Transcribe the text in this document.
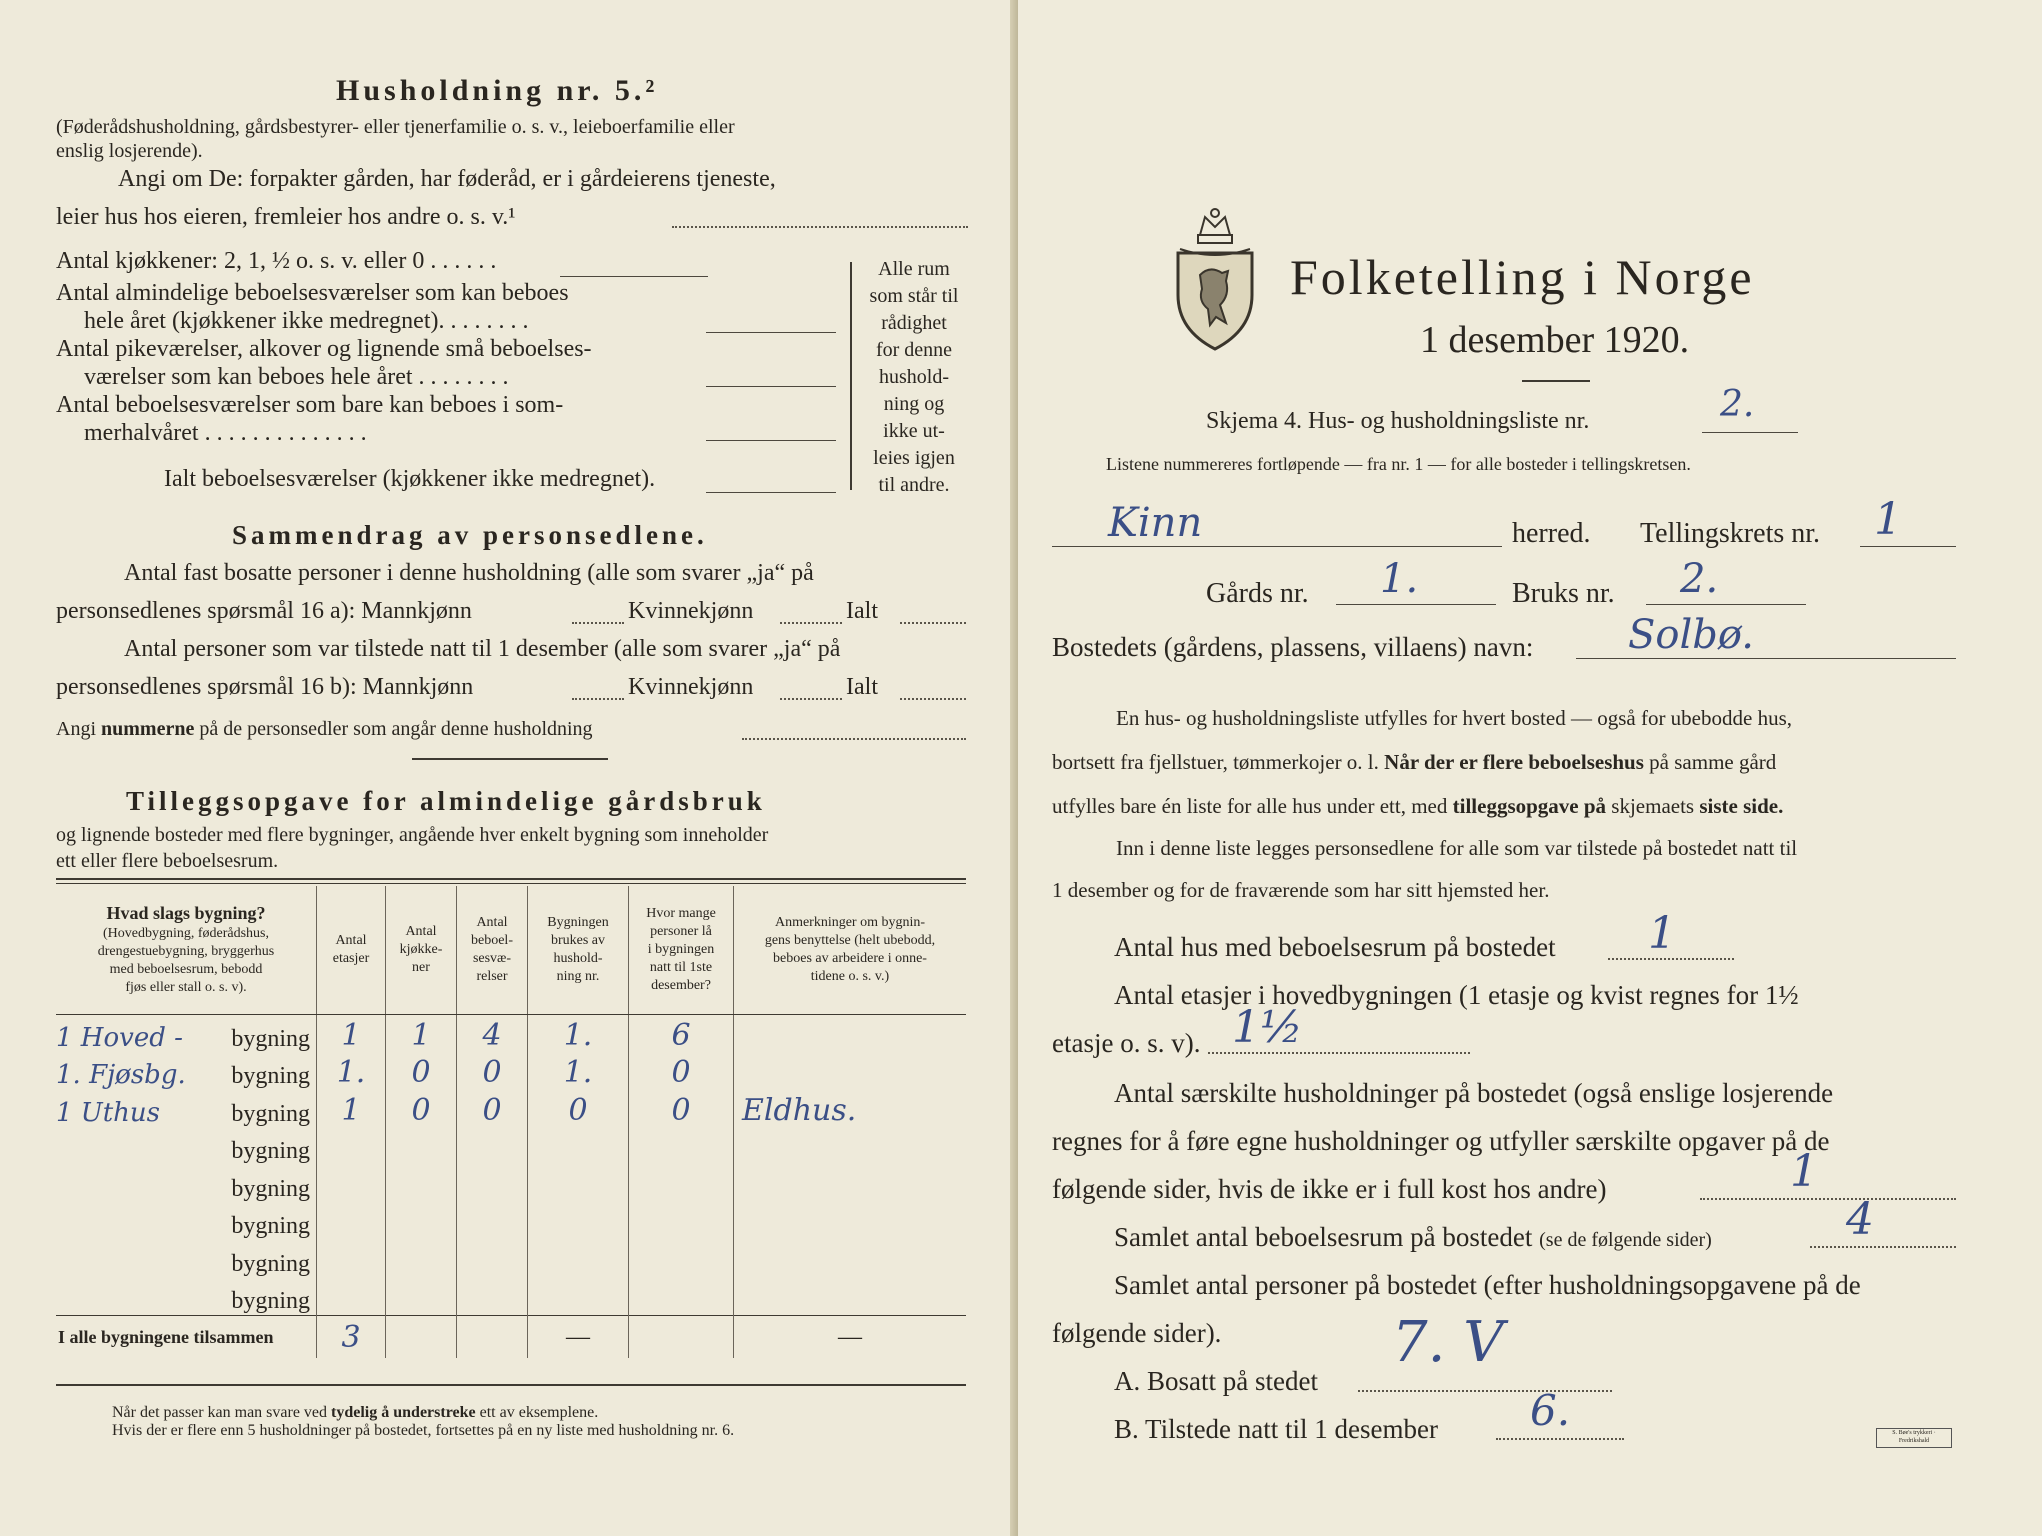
Husholdning nr. 5.²
(Føderådshusholdning, gårdsbestyrer- eller tjenerfamilie o. s. v., leieboerfamilie eller
enslig losjerende).
Angi om De: forpakter gården, har føderåd, er i gårdeierens tjeneste,
leier hus hos eieren, fremleier hos andre o. s. v.¹
Antal kjøkkener: 2, 1, ½ o. s. v. eller 0 . . . . . .
Antal almindelige beboelsesværelser som kan beboes
hele året (kjøkkener ikke medregnet). . . . . . . .
Antal pikeværelser, alkover og lignende små beboelses-
værelser som kan beboes hele året . . . . . . . .
Antal beboelsesværelser som bare kan beboes i som-
merhalvåret . . . . . . . . . . . . . .
Ialt beboelsesværelser (kjøkkener ikke medregnet).
Alle rum
som står til
rådighet
for denne
hushold-
ning og
ikke ut-
leies igjen
til andre.
Sammendrag av personsedlene.
Antal fast bosatte personer i denne husholdning (alle som svarer „ja“ på
personsedlenes spørsmål 16 a): Mannkjønn	Kvinnekjønn	Ialt
Antal personer som var tilstede natt til 1 desember (alle som svarer „ja“ på
personsedlenes spørsmål 16 b): Mannkjønn	Kvinnekjønn	Ialt
Angi nummerne på de personsedler som angår denne husholdning
Tilleggsopgave for almindelige gårdsbruk
og lignende bosteder med flere bygninger, angående hver enkelt bygning som inneholder
ett eller flere beboelsesrum.
Hvad slags bygning?
(Hovedbygning, føderådshus,
drengestuebygning, bryggerhus
med beboelsesrum, bebodd
fjøs eller stall o. s. v).	Antal
etasjer	Antal
kjøkke-
ner	Antal
beboel-
sesvæ-
relser	Bygningen
brukes av
hushold-
ning nr.	Hvor mange
personer lå
i bygningen
natt til 1ste
desember?	Anmerkninger om bygnin-
gens benyttelse (helt ubebodd,
beboes av arbeidere i onne-
tidene o. s. v.)

1 Hoved - bygning	1	1	4	1.	6	

1. Fjøsbg. bygning	1.	0	0	1.	0	

1 Uthus bygning	1	0	0	0	0	Eldhus.
bygning						
bygning						
bygning						
bygning						
bygning						
I alle bygningene tilsammen	3			—		—
Når det passer kan man svare ved tydelig å understreke ett av eksemplene.
Hvis der er flere enn 5 husholdninger på bostedet, fortsettes på en ny liste med husholdning nr. 6.
Folketelling i Norge
1 desember 1920.
Skjema 4. Hus- og husholdningsliste nr.	2.
Listene nummereres fortløpende — fra nr. 1 — for alle bosteder i tellingskretsen.
Kinn	herred. Tellingskrets nr. 1
Gårds nr. 1.	Bruks nr. 2.
Bostedets (gårdens, plassens, villaens) navn: Solbø.
En hus- og husholdningsliste utfylles for hvert bosted — også for ubebodde hus,
bortsett fra fjellstuer, tømmerkojer o. l. Når der er flere beboelseshus på samme gård
utfylles bare én liste for alle hus under ett, med tilleggsopgave på skjemaets siste side.
Inn i denne liste legges personsedlene for alle som var tilstede på bostedet natt til
1 desember og for de fraværende som har sitt hjemsted her.
Antal hus med beboelsesrum på bostedet 1
Antal etasjer i hovedbygningen (1 etasje og kvist regnes for 1½
etasje o. s. v). 1½
Antal særskilte husholdninger på bostedet (også enslige losjerende
regnes for å føre egne husholdninger og utfyller særskilte opgaver på de
følgende sider, hvis de ikke er i full kost hos andre)	1
Samlet antal beboelsesrum på bostedet (se de følgende sider)	4
Samlet antal personer på bostedet (efter husholdningsopgavene på de
følgende sider).
A. Bosatt på stedet
7. V
B. Tilstede natt til 1 desember 6.	S. Bøe's trykkeri · Fredrikshald
